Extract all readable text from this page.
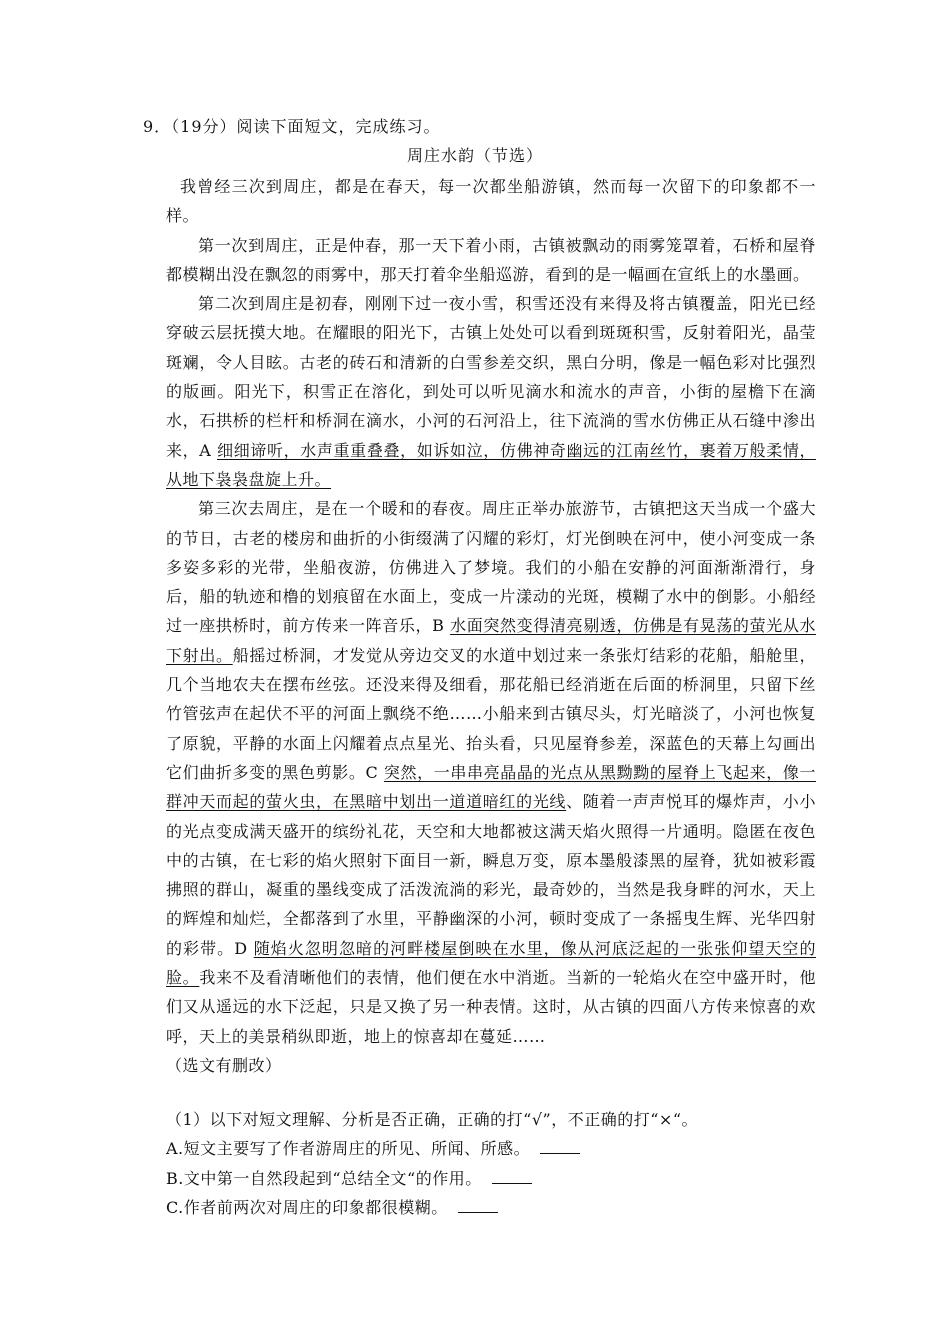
9．（19分）阅读下面短文，完成练习。
周庄水韵（节选）

我曾经三次到周庄，都是在春天，每一次都坐船游镇，然而每一次留下的印象都不一样。

第一次到周庄，正是仲春，那一天下着小雨，古镇被飘动的雨雾笼罩着，石桥和屋脊都模糊出没在飘忽的雨雾中，那天打着伞坐船巡游，看到的是一幅画在宣纸上的水墨画。

第二次到周庄是初春，刚刚下过一夜小雪，积雪还没有来得及将古镇覆盖，阳光已经穿破云层抚摸大地。在耀眼的阳光下，古镇上处处可以看到斑斑积雪，反射着阳光，晶莹斑斓，令人目眩。古老的砖石和清新的白雪参差交织，黑白分明，像是一幅色彩对比强烈的版画。阳光下，积雪正在溶化，到处可以听见滴水和流水的声音，小街的屋檐下在滴水，石拱桥的栏杆和桥洞在滴水，小河的石河沿上，往下流淌的雪水仿佛正从石缝中渗出来，A 细细谛听，水声重重叠叠，如诉如泣，仿佛神奇幽远的江南丝竹，裹着万般柔情，从地下袅袅盘旋上升。

第三次去周庄，是在一个暖和的春夜。周庄正举办旅游节，古镇把这天当成一个盛大的节日，古老的楼房和曲折的小街缀满了闪耀的彩灯，灯光倒映在河中，使小河变成一条多姿多彩的光带，坐船夜游，仿佛进入了梦境。我们的小船在安静的河面渐渐滑行，身后，船的轨迹和橹的划痕留在水面上，变成一片漾动的光斑，模糊了水中的倒影。小船经过一座拱桥时，前方传来一阵音乐，B 水面突然变得清亮剔透，仿佛是有晃荡的萤光从水下射出。船摇过桥洞，才发觉从旁边交叉的水道中划过来一条张灯结彩的花船，船舱里，几个当地农夫在摆布丝弦。还没来得及细看，那花船已经消逝在后面的桥洞里，只留下丝竹管弦声在起伏不平的河面上飘绕不绝……小船来到古镇尽头，灯光暗淡了，小河也恢复了原貌，平静的水面上闪耀着点点星光、抬头看，只见屋脊参差，深蓝色的天幕上勾画出它们曲折多变的黑色剪影。C 突然，一串串亮晶晶的光点从黑黝黝的屋脊上飞起来，像一群冲天而起的萤火虫，在黑暗中划出一道道暗红的光线、随着一声声悦耳的爆炸声，小小的光点变成满天盛开的缤纷礼花，天空和大地都被这满天焰火照得一片通明。隐匿在夜色中的古镇，在七彩的焰火照射下面目一新，瞬息万变，原本墨般漆黑的屋脊，犹如被彩霞拂照的群山，凝重的墨线变成了活泼流淌的彩光，最奇妙的，当然是我身畔的河水，天上的辉煌和灿烂，全都落到了水里，平静幽深的小河，顿时变成了一条摇曳生辉、光华四射的彩带。D 随焰火忽明忽暗的河畔楼屋倒映在水里，像从河底泛起的一张张仰望天空的脸。我来不及看清晰他们的表情，他们便在水中消逝。当新的一轮焰火在空中盛开时，他们又从遥远的水下泛起，只是又换了另一种表情。这时，从古镇的四面八方传来惊喜的欢呼，天上的美景稍纵即逝，地上的惊喜却在蔓延……

（选文有删改）

（1）以下对短文理解、分析是否正确，正确的打“√”，不正确的打“×“。
A.短文主要写了作者游周庄的所见、所闻、所感。
B.文中第一自然段起到“总结全文“的作用。
C.作者前两次对周庄的印象都很模糊。
